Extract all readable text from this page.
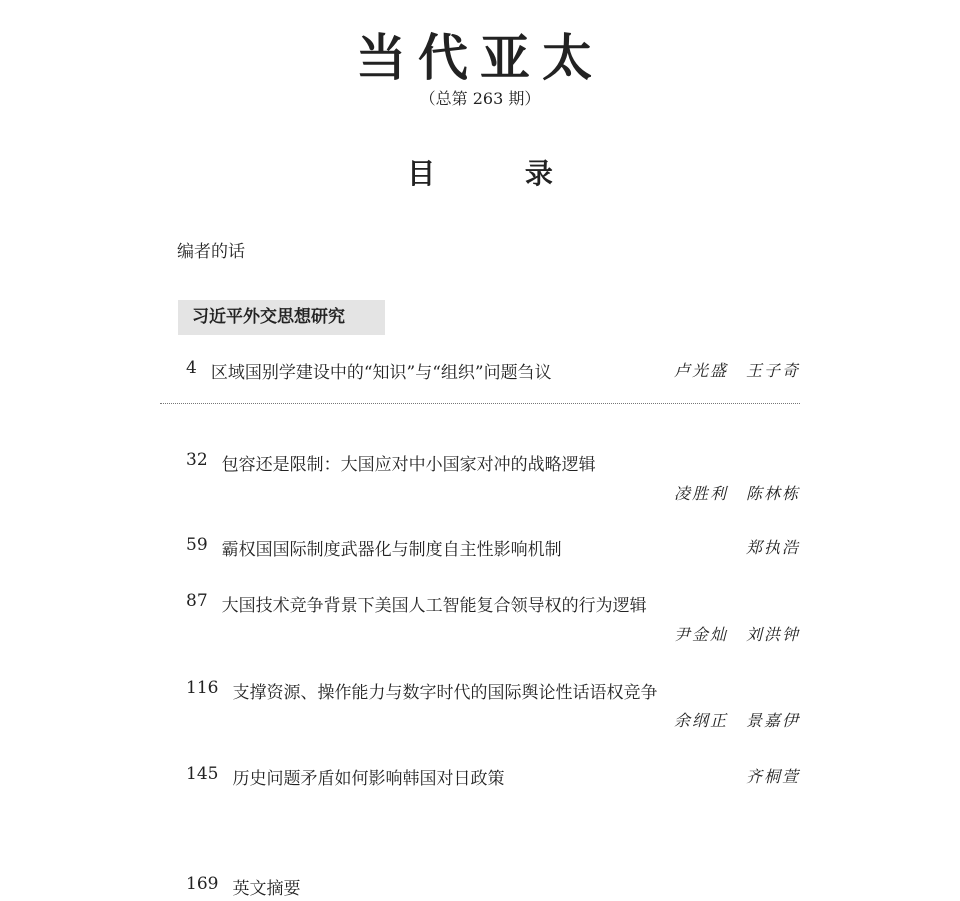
当代亚太
（总第 263 期）
目 录
编者的话
习近平外交思想研究
4 区域国别学建设中的“知识”与“组织”问题刍议	卢光盛 王子奇
32 包容还是限制：大国应对中小国家对冲的战略逻辑
凌胜利 陈林栋
59 霸权国国际制度武器化与制度自主性影响机制	郑执浩
87 大国技术竞争背景下美国人工智能复合领导权的行为逻辑
尹金灿 刘洪钟
116 支撑资源、操作能力与数字时代的国际舆论性话语权竞争
余纲正 景嘉伊
145 历史问题矛盾如何影响韩国对日政策	齐桐萱
169 英文摘要
